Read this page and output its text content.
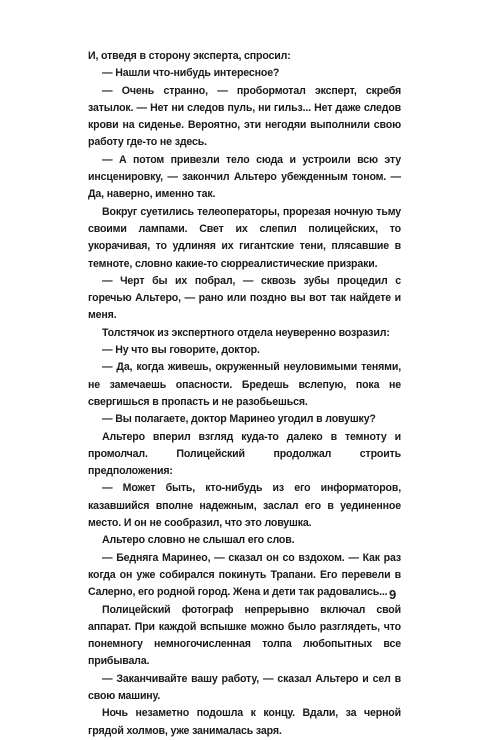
И, отведя в сторону эксперта, спросил:

— Нашли что-нибудь интересное?

— Очень странно, — пробормотал эксперт, скребя затылок. — Нет ни следов пуль, ни гильз... Нет даже следов крови на сиденье. Вероятно, эти негодяи выполнили свою работу где-то не здесь.

— А потом привезли тело сюда и устроили всю эту инсценировку, — закончил Альтеро убежденным тоном. — Да, наверно, именно так.

Вокруг суетились телеоператоры, прорезая ночную тьму своими лампами. Свет их слепил полицейских, то укорачивая, то удлиняя их гигантские тени, плясавшие в темноте, словно какие-то сюрреалистические призраки.

— Черт бы их побрал, — сквозь зубы процедил с горечью Альтеро, — рано или поздно вы вот так найдете и меня.

Толстячок из экспертного отдела неуверенно возразил:

— Ну что вы говорите, доктор.

— Да, когда живешь, окруженный неуловимыми тенями, не замечаешь опасности. Бредешь вслепую, пока не свергишься в пропасть и не разобьешься.

— Вы полагаете, доктор Маринео угодил в ловушку?

Альтеро вперил взгляд куда-то далеко в темноту и промолчал. Полицейский продолжал строить предположения:

— Может быть, кто-нибудь из его информаторов, казавшийся вполне надежным, заслал его в уединенное место. И он не сообразил, что это ловушка.

Альтеро словно не слышал его слов.

— Бедняга Маринео, — сказал он со вздохом. — Как раз когда он уже собирался покинуть Трапани. Его перевели в Салерно, его родной город. Жена и дети так радовались...

Полицейский фотограф непрерывно включал свой аппарат. При каждой вспышке можно было разглядеть, что понемногу немногочисленная толпа любопытных все прибывала.

— Заканчивайте вашу работу, — сказал Альтеро и сел в свою машину.

Ночь незаметно подошла к концу. Вдали, за черной грядой холмов, уже занималась заря.

9
